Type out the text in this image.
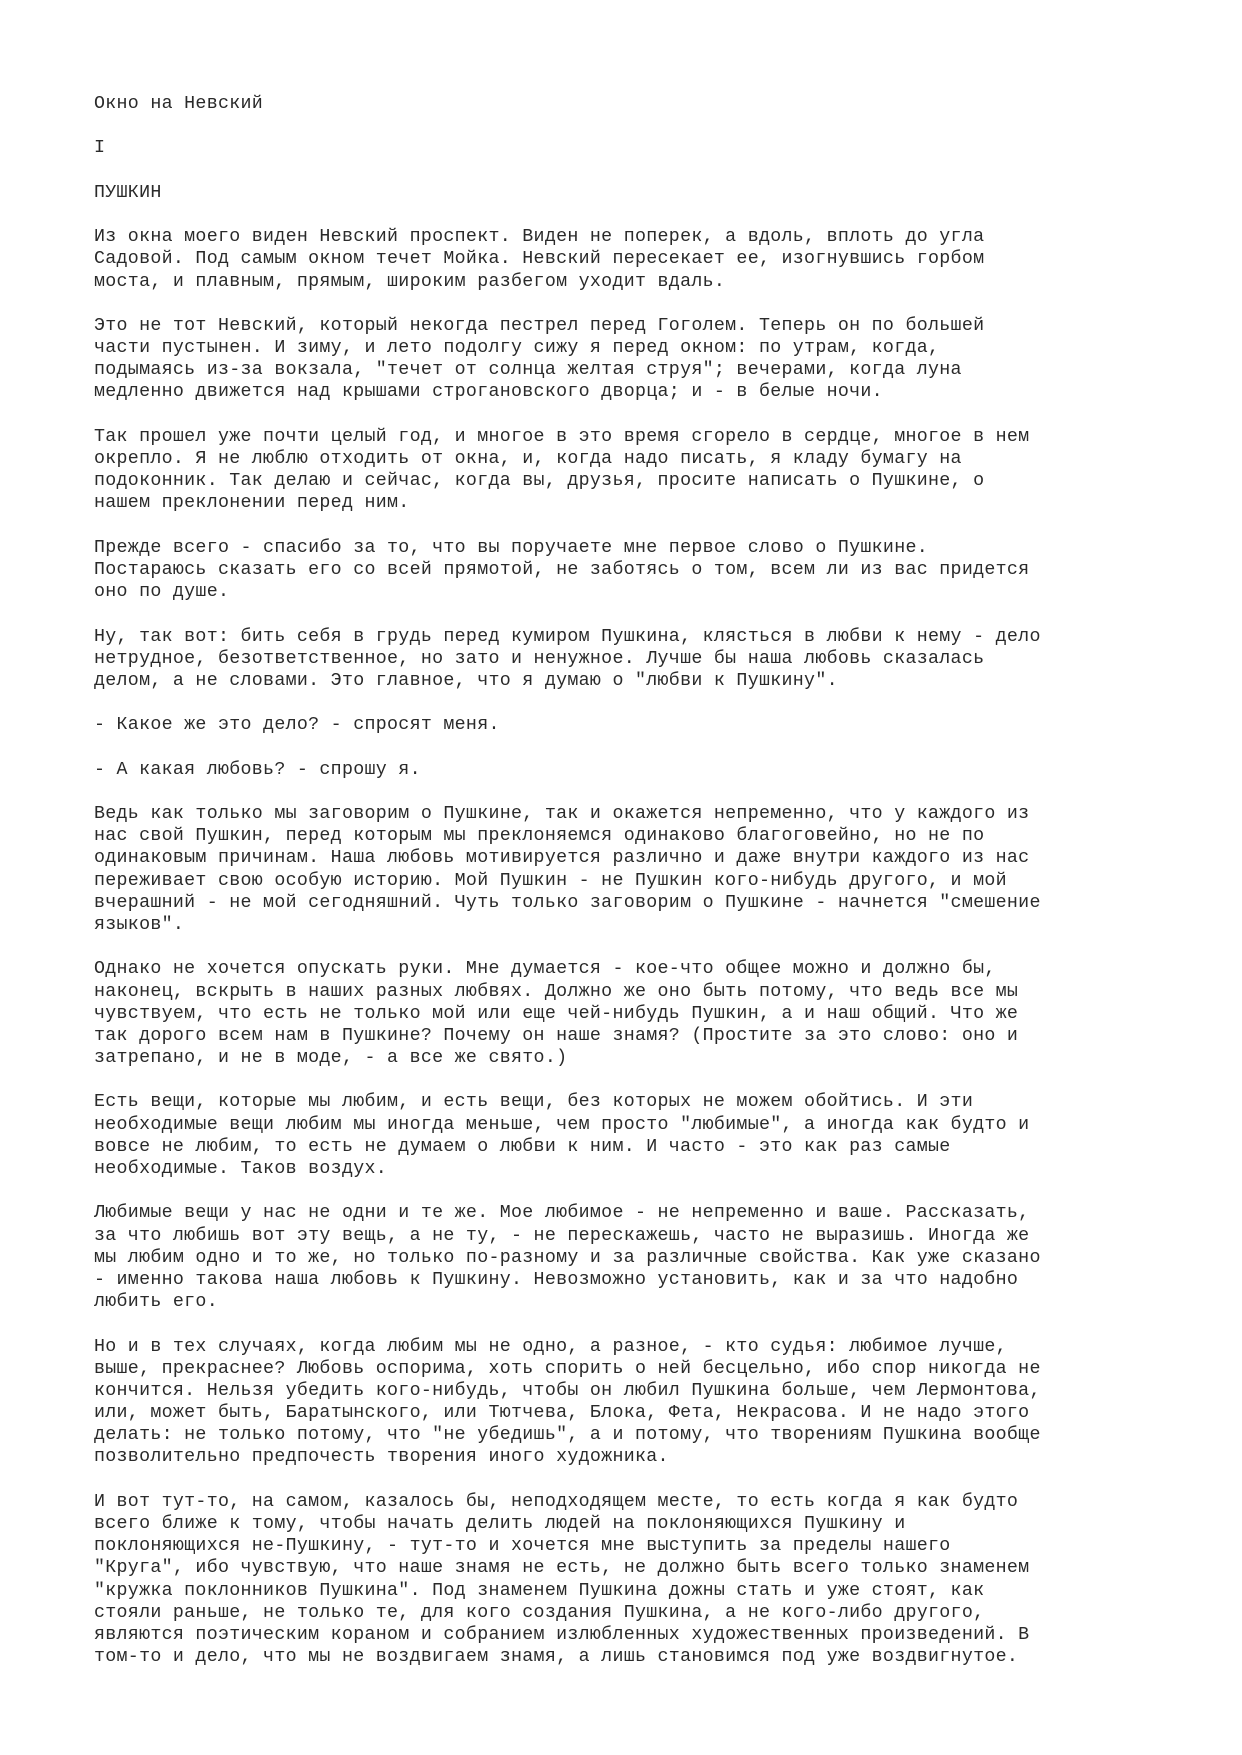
Окно на Невский
I
ПУШКИН
Из окна моего виден Невский проспект. Виден не поперек, а вдоль, вплоть до угла
Садовой. Под самым окном течет Мойка. Невский пересекает ее, изогнувшись горбом
моста, и плавным, прямым, широким разбегом уходит вдаль.
Это не тот Невский, который некогда пестрел перед Гоголем. Теперь он по большей
части пустынен. И зиму, и лето подолгу сижу я перед окном: по утрам, когда,
подымаясь из-за вокзала, "течет от солнца желтая струя"; вечерами, когда луна
медленно движется над крышами строгановского дворца; и - в белые ночи.
Так прошел уже почти целый год, и многое в это время сгорело в сердце, многое в нем
окрепло. Я не люблю отходить от окна, и, когда надо писать, я кладу бумагу на
подоконник. Так делаю и сейчас, когда вы, друзья, просите написать о Пушкине, о
нашем преклонении перед ним.
Прежде всего - спасибо за то, что вы поручаете мне первое слово о Пушкине.
Постараюсь сказать его со всей прямотой, не заботясь о том, всем ли из вас придется
оно по душе.
Ну, так вот: бить себя в грудь перед кумиром Пушкина, клясться в любви к нему - дело
нетрудное, безответственное, но зато и ненужное. Лучше бы наша любовь сказалась
делом, а не словами. Это главное, что я думаю о "любви к Пушкину".
- Какое же это дело? - спросят меня.
- А какая любовь? - спрошу я.
Ведь как только мы заговорим о Пушкине, так и окажется непременно, что у каждого из
нас свой Пушкин, перед которым мы преклоняемся одинаково благоговейно, но не по
одинаковым причинам. Наша любовь мотивируется различно и даже внутри каждого из нас
переживает свою особую историю. Мой Пушкин - не Пушкин кого-нибудь другого, и мой
вчерашний - не мой сегодняшний. Чуть только заговорим о Пушкине - начнется "смешение
языков".
Однако не хочется опускать руки. Мне думается - кое-что общее можно и должно бы,
наконец, вскрыть в наших разных любвях. Должно же оно быть потому, что ведь все мы
чувствуем, что есть не только мой или еще чей-нибудь Пушкин, а и наш общий. Что же
так дорого всем нам в Пушкине? Почему он наше знамя? (Простите за это слово: оно и
затрепано, и не в моде, - а все же свято.)
Есть вещи, которые мы любим, и есть вещи, без которых не можем обойтись. И эти
необходимые вещи любим мы иногда меньше, чем просто "любимые", а иногда как будто и
вовсе не любим, то есть не думаем о любви к ним. И часто - это как раз самые
необходимые. Таков воздух.
Любимые вещи у нас не одни и те же. Мое любимое - не непременно и ваше. Рассказать,
за что любишь вот эту вещь, а не ту, - не перескажешь, часто не выразишь. Иногда же
мы любим одно и то же, но только по-разному и за различные свойства. Как уже сказано
- именно такова наша любовь к Пушкину. Невозможно установить, как и за что надобно
любить его.
Но и в тех случаях, когда любим мы не одно, а разное, - кто судья: любимое лучше,
выше, прекраснее? Любовь оспорима, хоть спорить о ней бесцельно, ибо спор никогда не
кончится. Нельзя убедить кого-нибудь, чтобы он любил Пушкина больше, чем Лермонтова,
или, может быть, Баратынского, или Тютчева, Блока, Фета, Некрасова. И не надо этого
делать: не только потому, что "не убедишь", а и потому, что творениям Пушкина вообще
позволительно предпочесть творения иного художника.
И вот тут-то, на самом, казалось бы, неподходящем месте, то есть когда я как будто
всего ближе к тому, чтобы начать делить людей на поклоняющихся Пушкину и
поклоняющихся не-Пушкину, - тут-то и хочется мне выступить за пределы нашего
"Круга", ибо чувствую, что наше знамя не есть, не должно быть всего только знаменем
"кружка поклонников Пушкина". Под знаменем Пушкина дожны стать и уже стоят, как
стояли раньше, не только те, для кого создания Пушкина, а не кого-либо другого,
являются поэтическим кораном и собранием излюбленных художественных произведений. В
том-то и дело, что мы не воздвигаем знамя, а лишь становимся под уже воздвигнутое.
